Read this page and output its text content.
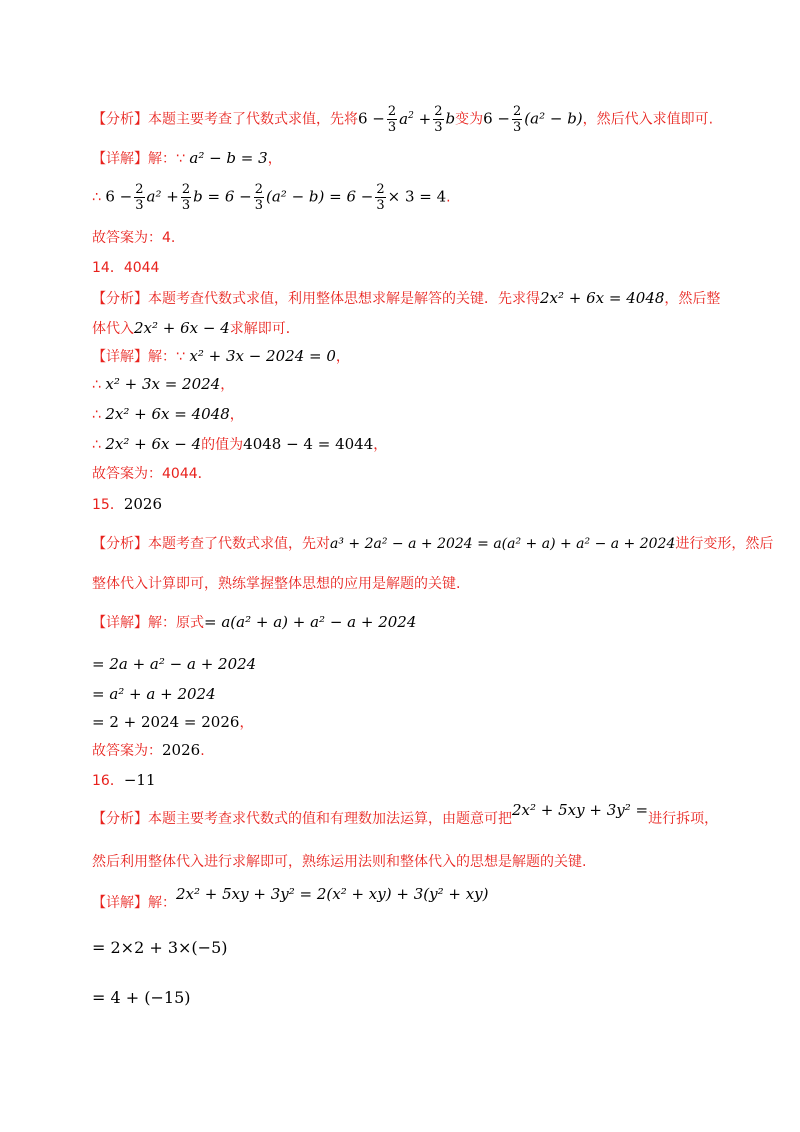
【分析】本题主要考查了代数式求值，先将$6 - \frac{2}{3} a^2 + \frac{2}{3}$ b变为$6 - \frac{2}{3} (a^2 - b)$，然后代入求值即可.
【详解】解：∵ a² − b = 3，
∴ $6 - \frac{2}{3} a^2 + \frac{2}{3}$ $b = 6 - \frac{2}{3} (a^2 - b) = 6 - \frac{2}{3} \times 3 = 4$.
故答案为：4.
14．4044
【分析】本题考查代数式求值，利用整体思想求解是解答的关键．先求得2x² + 6x = 4048，然后整
体代入2x² + 6x − 4求解即可．
【详解】解：∵ x² + 3x − 2024 = 0，
∴ x² + 3x = 2024，
∴ 2x² + 6x = 4048，
∴ 2x² + 6x − 4的值为4048 − 4 = 4044，
故答案为：4044．
15．2026
【分析】本题考查了代数式求值，先对a³ + 2a² − a + 2024 = a(a² + a) + a² − a + 2024进行变形，然后
整体代入计算即可，熟练掌握整体思想的应用是解题的关键.
【详解】解：原式= a(a² + a) + a² − a + 2024
= 2a + a² − a + 2024
= a² + a + 2024
= 2 + 2024 = 2026，
故答案为：2026.
16．−11
【分析】本题主要考查求代数式的值和有理数加法运算，由题意可把2x² + 5xy + 3y² =进行拆项，
然后利用整体代入进行求解即可，熟练运用法则和整体代入的思想是解题的关键.
【详解】解：2x² + 5xy + 3y² = 2(x² + xy) + 3(y² + xy)
= 2×2 + 3×(−5)
= 4 + (−15)
